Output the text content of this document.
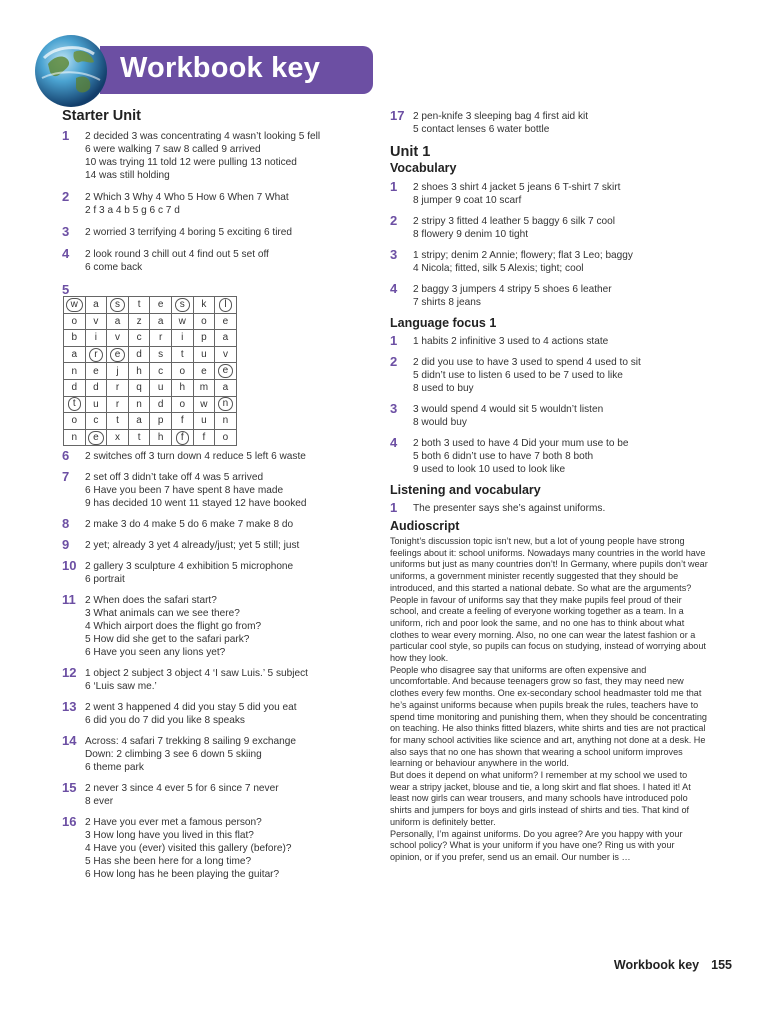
Workbook key
Starter Unit
1 2 decided 3 was concentrating 4 wasn’t looking 5 fell
6 were walking 7 saw 8 called 9 arrived
10 was trying 11 told 12 were pulling 13 noticed
14 was still holding
2 2 Which 3 Why 4 Who 5 How 6 When 7 What
2 f 3 a 4 b 5 g 6 c 7 d
3 2 worried 3 terrifying 4 boring 5 exciting 6 tired
4 2 look round 3 chill out 4 find out 5 set off
6 come back
5
w	a	s	t	e	s	k	l
o	v	a	z	a	w	o	e
b	i	v	c	r	i	p	a
a	r	e	d	s	t	u	v
n	e	j	h	c	o	e	e
d	d	r	q	u	h	m	a
t	u	r	n	d	o	w	n
o	c	t	a	p	f	u	n
n	e	x	t	h	f	f	o
6 2 switches off 3 turn down 4 reduce 5 left 6 waste
7 2 set off 3 didn’t take off 4 was 5 arrived
6 Have you been 7 have spent 8 have made
9 has decided 10 went 11 stayed 12 have booked
8 2 make 3 do 4 make 5 do 6 make 7 make 8 do
9 2 yet; already 3 yet 4 already/just; yet 5 still; just
10 2 gallery 3 sculpture 4 exhibition 5 microphone
6 portrait
11 2 When does the safari start?
3 What animals can we see there?
4 Which airport does the flight go from?
5 How did she get to the safari park?
6 Have you seen any lions yet?
12 1 object 2 subject 3 object 4 ‘I saw Luis.’ 5 subject
6 ‘Luis saw me.’
13 2 went 3 happened 4 did you stay 5 did you eat
6 did you do 7 did you like 8 speaks
14 Across: 4 safari 7 trekking 8 sailing 9 exchange
Down: 2 climbing 3 see 6 down 5 skiing
6 theme park
15 2 never 3 since 4 ever 5 for 6 since 7 never
8 ever
16 2 Have you ever met a famous person?
3 How long have you lived in this flat?
4 Have you (ever) visited this gallery (before)?
5 Has she been here for a long time?
6 How long has he been playing the guitar?
17 2 pen-knife 3 sleeping bag 4 first aid kit
5 contact lenses 6 water bottle
Unit 1
Vocabulary
1 2 shoes 3 shirt 4 jacket 5 jeans 6 T-shirt 7 skirt
8 jumper 9 coat 10 scarf
2 2 stripy 3 fitted 4 leather 5 baggy 6 silk 7 cool
8 flowery 9 denim 10 tight
3 1 stripy; denim 2 Annie; flowery; flat 3 Leo; baggy
4 Nicola; fitted, silk 5 Alexis; tight; cool
4 2 baggy 3 jumpers 4 stripy 5 shoes 6 leather
7 shirts 8 jeans
Language focus 1
1 1 habits 2 infinitive 3 used to 4 actions state
2 2 did you use to have 3 used to spend 4 used to sit
5 didn’t use to listen 6 used to be 7 used to like
8 used to buy
3 3 would spend 4 would sit 5 wouldn’t listen
8 would buy
4 2 both 3 used to have 4 Did your mum use to be
5 both 6 didn’t use to have 7 both 8 both
9 used to look 10 used to look like
Listening and vocabulary
1 The presenter says she’s against uniforms.
Audioscript
Tonight’s discussion topic isn’t new, but a lot of young people have strong feelings about it: school uniforms. Nowadays many countries in the world have uniforms but just as many countries don’t! In Germany, where pupils don’t wear uniforms, a government minister recently suggested that they should be introduced, and this started a national debate. So what are the arguments?
People in favour of uniforms say that they make pupils feel proud of their school, and create a feeling of everyone working together as a team. In a uniform, rich and poor look the same, and no one has to think about what clothes to wear every morning. Also, no one can wear the latest fashion or a particular cool style, so pupils can focus on studying, instead of worrying about how they look.
People who disagree say that uniforms are often expensive and uncomfortable. And because teenagers grow so fast, they may need new clothes every few months. One ex-secondary school headmaster told me that he’s against uniforms because when pupils break the rules, teachers have to spend time monitoring and punishing them, when they should be concentrating on teaching. He also thinks fitted blazers, white shirts and ties are not practical for many school activities like science and art, anything not done at a desk. He also says that no one has shown that wearing a school uniform improves learning or behaviour anywhere in the world.
But does it depend on what uniform? I remember at my school we used to wear a stripy jacket, blouse and tie, a long skirt and flat shoes. I hated it! At least now girls can wear trousers, and many schools have introduced polo shirts and jumpers for boys and girls instead of shirts and ties. That kind of uniform is definitely better.
Personally, I’m against uniforms. Do you agree? Are you happy with your school policy? What is your uniform if you have one? Ring us with your opinion, or if you prefer, send us an email. Our number is …
Workbook key 155
